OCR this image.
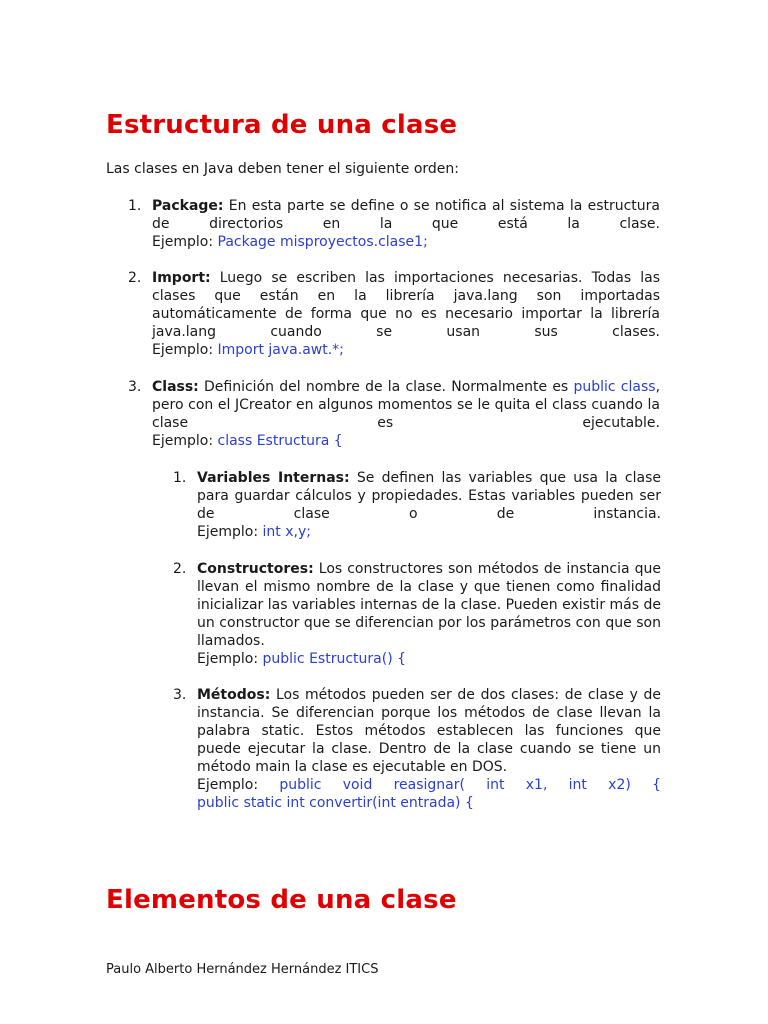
Estructura de una clase

Las clases en Java deben tener el siguiente orden:

1. Package: En esta parte se define o se notifica al sistema la estructura de directorios en la que está la clase.

Ejemplo: Package misproyectos.clase1;

2. Import: Luego se escriben las importaciones necesarias. Todas las clases que están en la librería java.lang son importadas automáticamente de forma que no es necesario importar la librería java.lang cuando se usan sus clases.

Ejemplo: Import java.awt.*;

3. Class: Definición del nombre de la clase. Normalmente es public class, pero con el JCreator en algunos momentos se le quita el class cuando la clase es ejecutable.

Ejemplo: class Estructura {

1. Variables Internas: Se definen las variables que usa la clase para guardar cálculos y propiedades. Estas variables pueden ser de clase o de instancia.

Ejemplo: int x,y;

2. Constructores: Los constructores son métodos de instancia que llevan el mismo nombre de la clase y que tienen como finalidad inicializar las variables internas de la clase. Pueden existir más de un constructor que se diferencian por los parámetros con que son llamados.

Ejemplo: public Estructura() {

3. Métodos: Los métodos pueden ser de dos clases: de clase y de instancia. Se diferencian porque los métodos de clase llevan la palabra static. Estos métodos establecen las funciones que puede ejecutar la clase. Dentro de la clase cuando se tiene un método main la clase es ejecutable en DOS.

Ejemplo: public void reasignar( int x1, int x2) {

public static int convertir(int entrada) {

Elementos de una clase

Paulo Alberto Hernández Hernández ITICS
